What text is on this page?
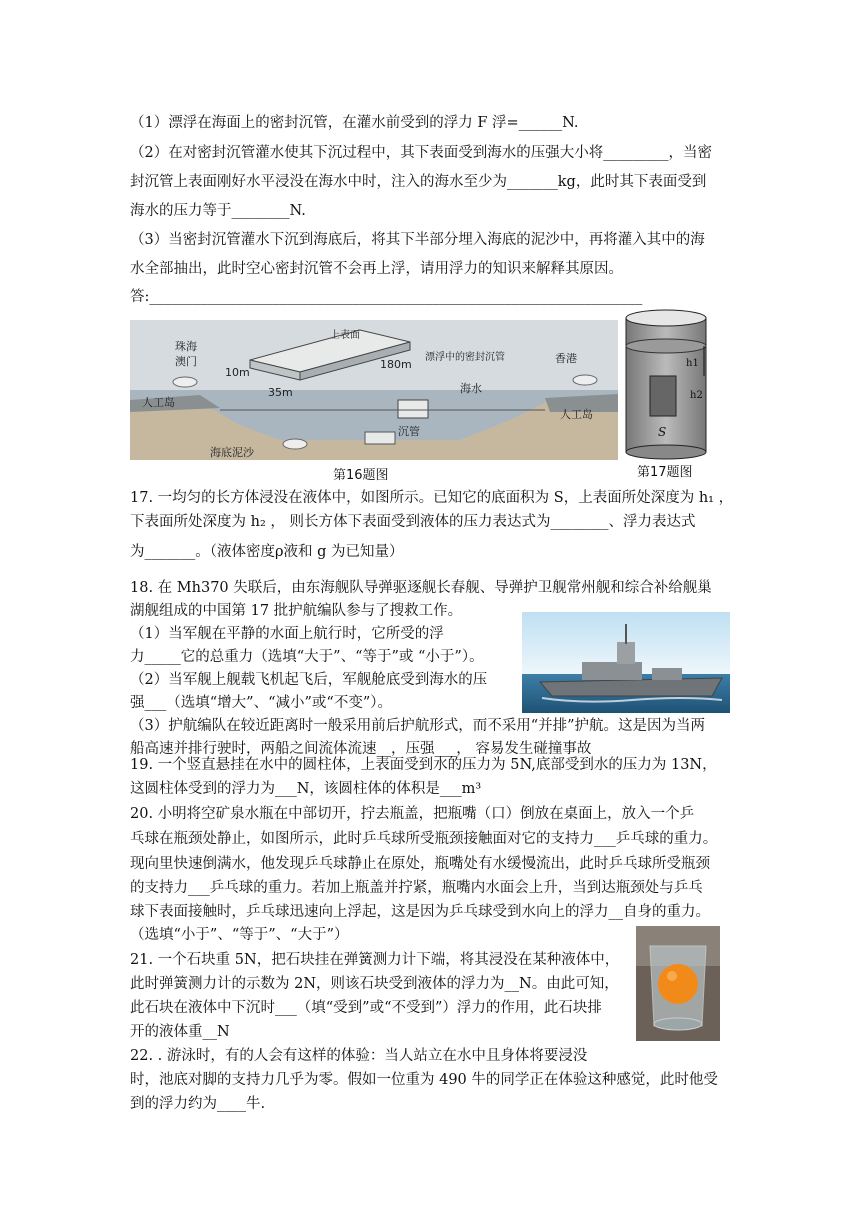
（1）漂浮在海面上的密封沉管，在灌水前受到的浮力 F 浮=______N.
（2）在对密封沉管灌水使其下沉过程中，其下表面受到海水的压强大小将_________，当密
封沉管上表面刚好水平浸没在海水中时，注入的海水至少为_______kg，此时其下表面受到
海水的压力等于________N.
（3）当密封沉管灌水下沉到海底后，将其下半部分埋入海底的泥沙中，再将灌入其中的海
水全部抽出，此时空心密封沉管不会再上浮，请用浮力的知识来解释其原因。
答:____________________________________________________________________
珠海
澳门	香港
人工岛
人工岛
上表面
180m
10m
35m
漂浮中的密封沉管
海水
沉管
海底泥沙
第16题图
h1
h2
S
第17题图
17. 一均匀的长方体浸没在液体中，如图所示。已知它的底面积为 S，上表面所处深度为 h₁ ，
下表面所处深度为 h₂ ， 则长方体下表面受到液体的压力表达式为________、浮力表达式
为_______。（液体密度ρ液和 g 为已知量）
18. 在 Mh370 失联后，由东海舰队导弹驱逐舰长春舰、导弹护卫舰常州舰和综合补给舰巢
湖舰组成的中国第 17 批护航编队参与了搜救工作。
（1）当军舰在平静的水面上航行时，它所受的浮
力_____它的总重力（选填“大于”、“等于”或 “小于”）。
（2）当军舰上舰载飞机起飞后，军舰舱底受到海水的压
强___（选填“增大”、“减小”或“不变”）。
（3）护航编队在较近距离时一般采用前后护航形式，而不采用“并排”护航。这是因为当两
船高速并排行驶时，两船之间流体流速__，压强___， 容易发生碰撞事故
19. 一个竖直悬挂在水中的圆柱体，上表面受到水的压力为 5N,底部受到水的压力为 13N，
这圆柱体受到的浮力为___N，该圆柱体的体积是___m³
20. 小明将空矿泉水瓶在中部切开，拧去瓶盖，把瓶嘴（口）倒放在桌面上，放入一个乒
乓球在瓶颈处静止，如图所示，此时乒乓球所受瓶颈接触面对它的支持力___乒乓球的重力。
现向里快速倒满水，他发现乒乓球静止在原处，瓶嘴处有水缓慢流出，此时乒乓球所受瓶颈
的支持力___乒乓球的重力。若加上瓶盖并拧紧，瓶嘴内水面会上升，当到达瓶颈处与乒乓
球下表面接触时，乒乓球迅速向上浮起，这是因为乒乓球受到水向上的浮力__自身的重力。
（选填“小于”、“等于”、“大于”）
21. 一个石块重 5N，把石块挂在弹簧测力计下端，将其浸没在某种液体中，
此时弹簧测力计的示数为 2N，则该石块受到液体的浮力为__N。由此可知，
此石块在液体中下沉时___（填“受到”或“不受到”）浮力的作用，此石块排
开的液体重__N
22. . 游泳时，有的人会有这样的体验：当人站立在水中且身体将要浸没
时，池底对脚的支持力几乎为零。假如一位重为 490 牛的同学正在体验这种感觉，此时他受
到的浮力约为____牛.
